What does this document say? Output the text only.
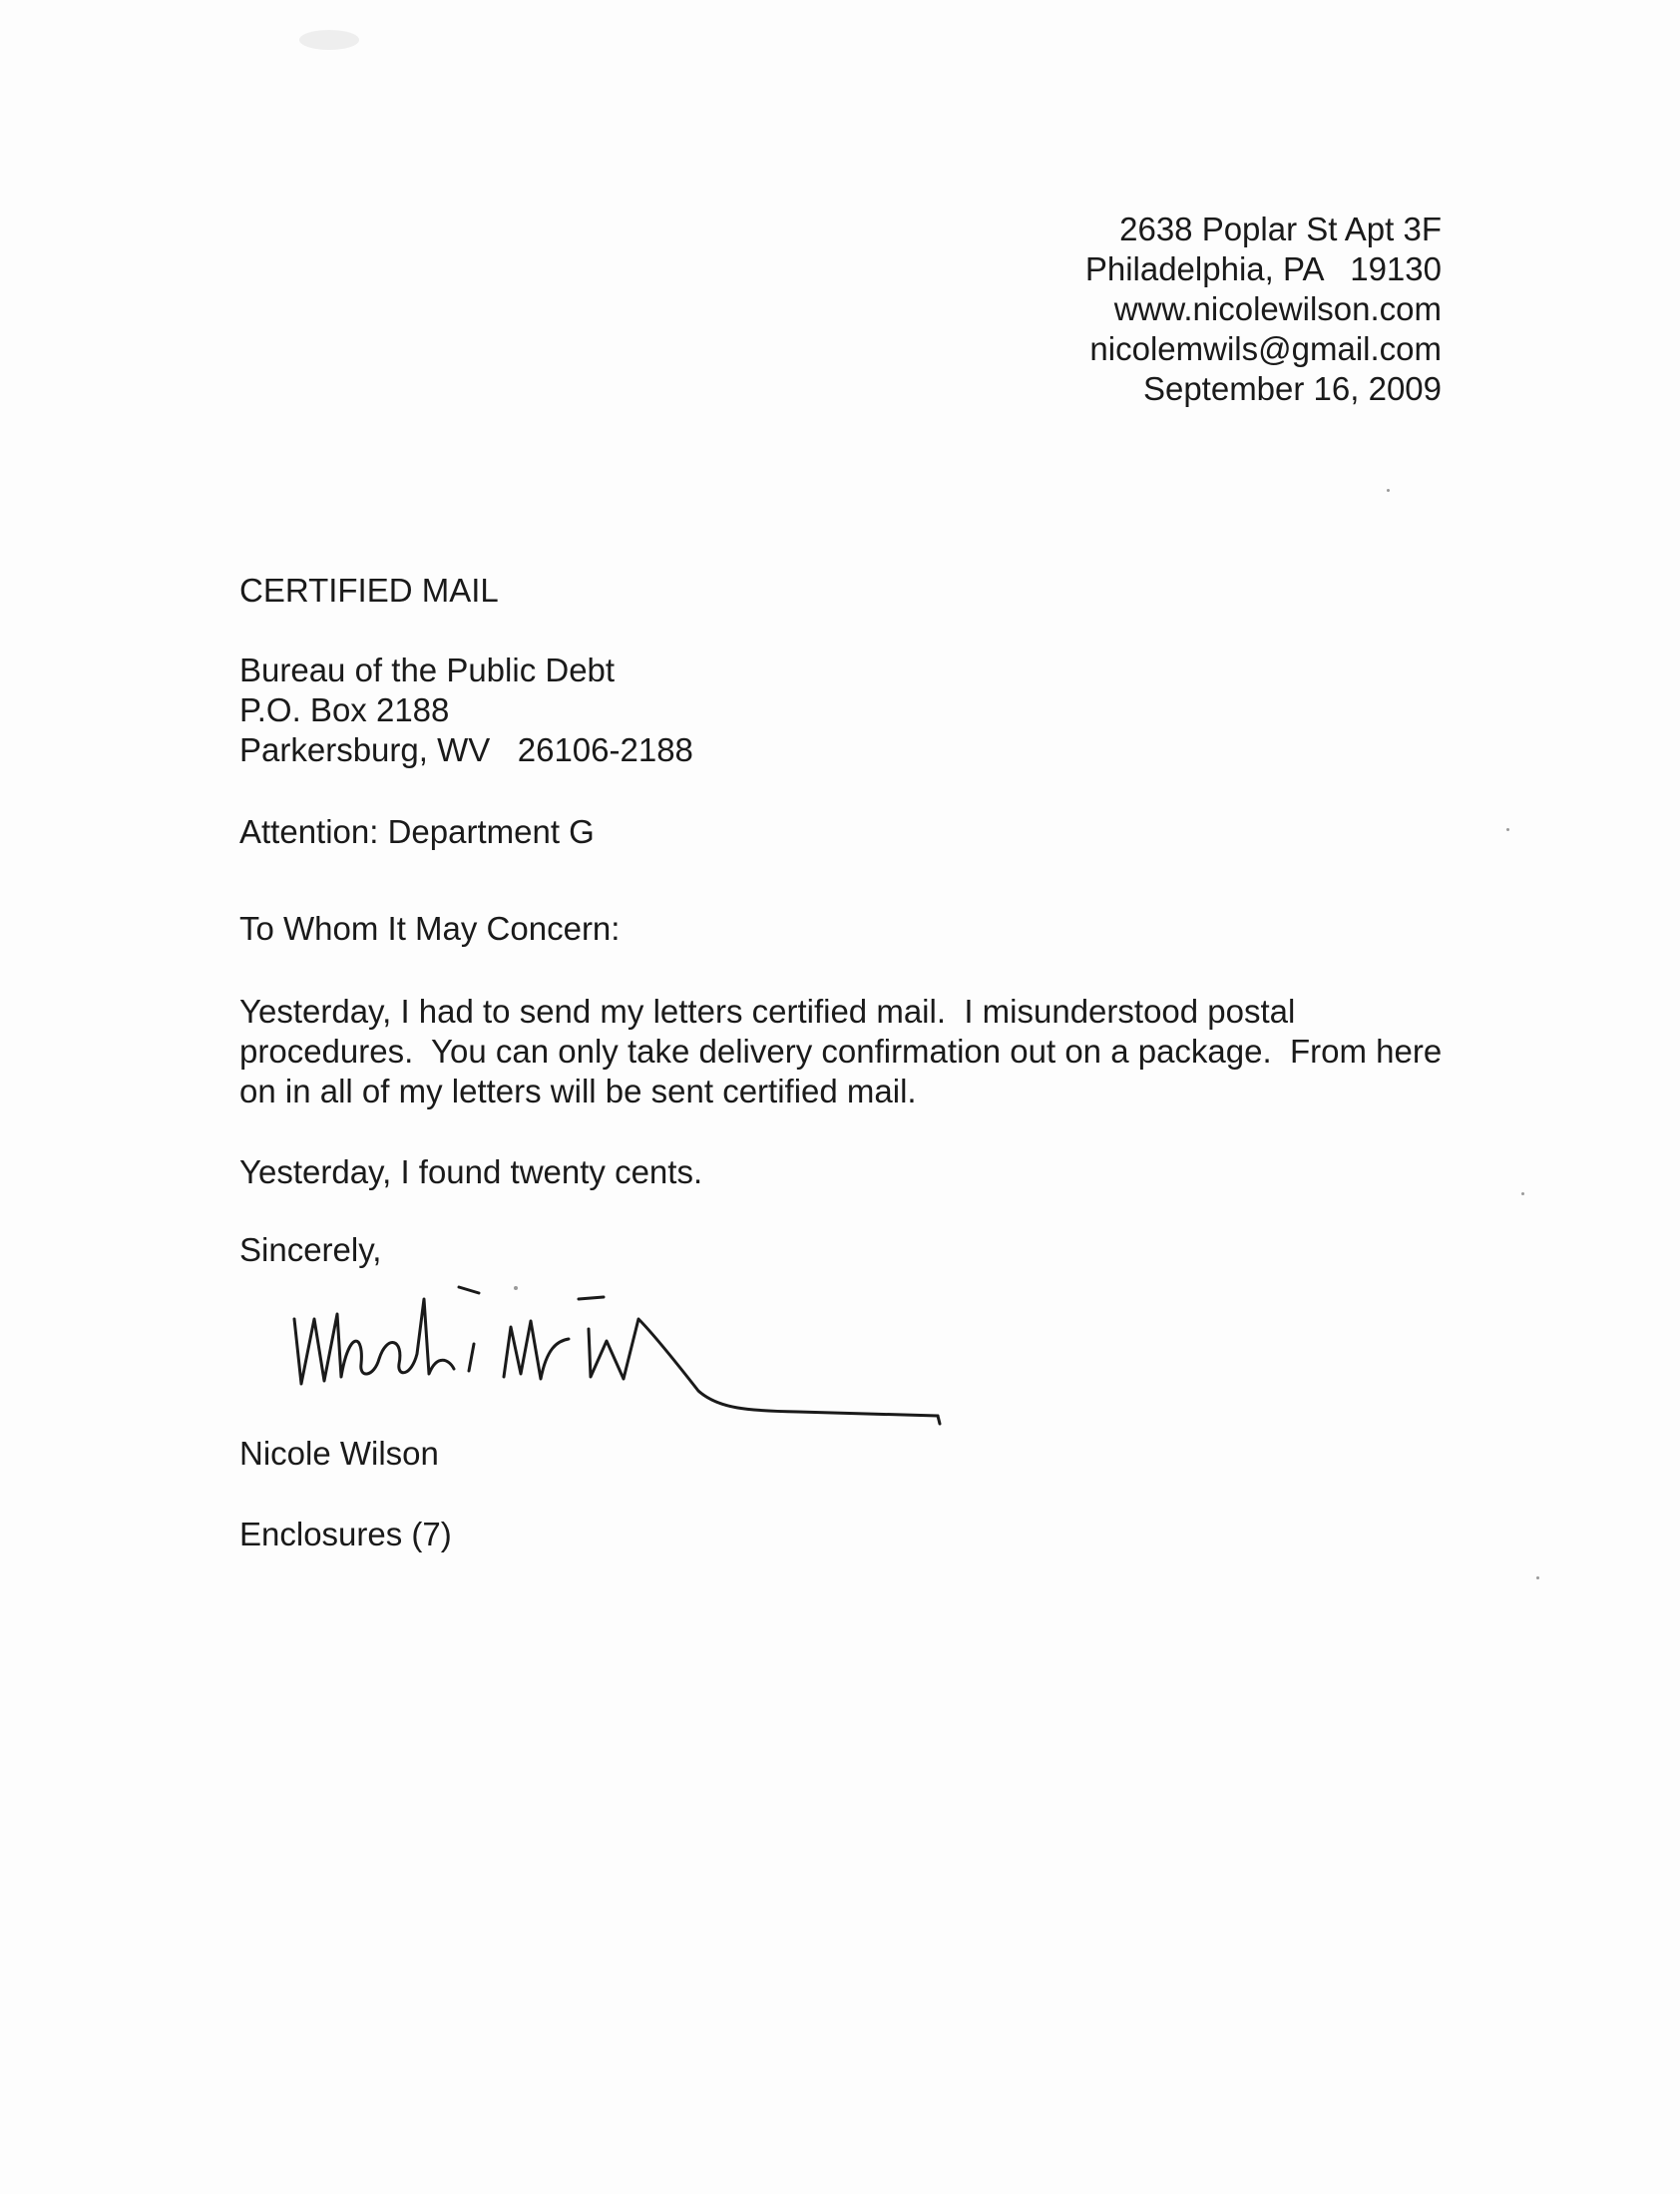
2638 Poplar St Apt 3F
Philadelphia, PA   19130
www.nicolewilson.com
nicolemwils@gmail.com
September 16, 2009
CERTIFIED MAIL
Bureau of the Public Debt
P.O. Box 2188
Parkersburg, WV   26106-2188
Attention: Department G
To Whom It May Concern:
Yesterday, I had to send my letters certified mail.  I misunderstood postal procedures.  You can only take delivery confirmation out on a package.  From here on in all of my letters will be sent certified mail.
Yesterday, I found twenty cents.
Sincerely,
Nicole Wilson
Enclosures (7)
